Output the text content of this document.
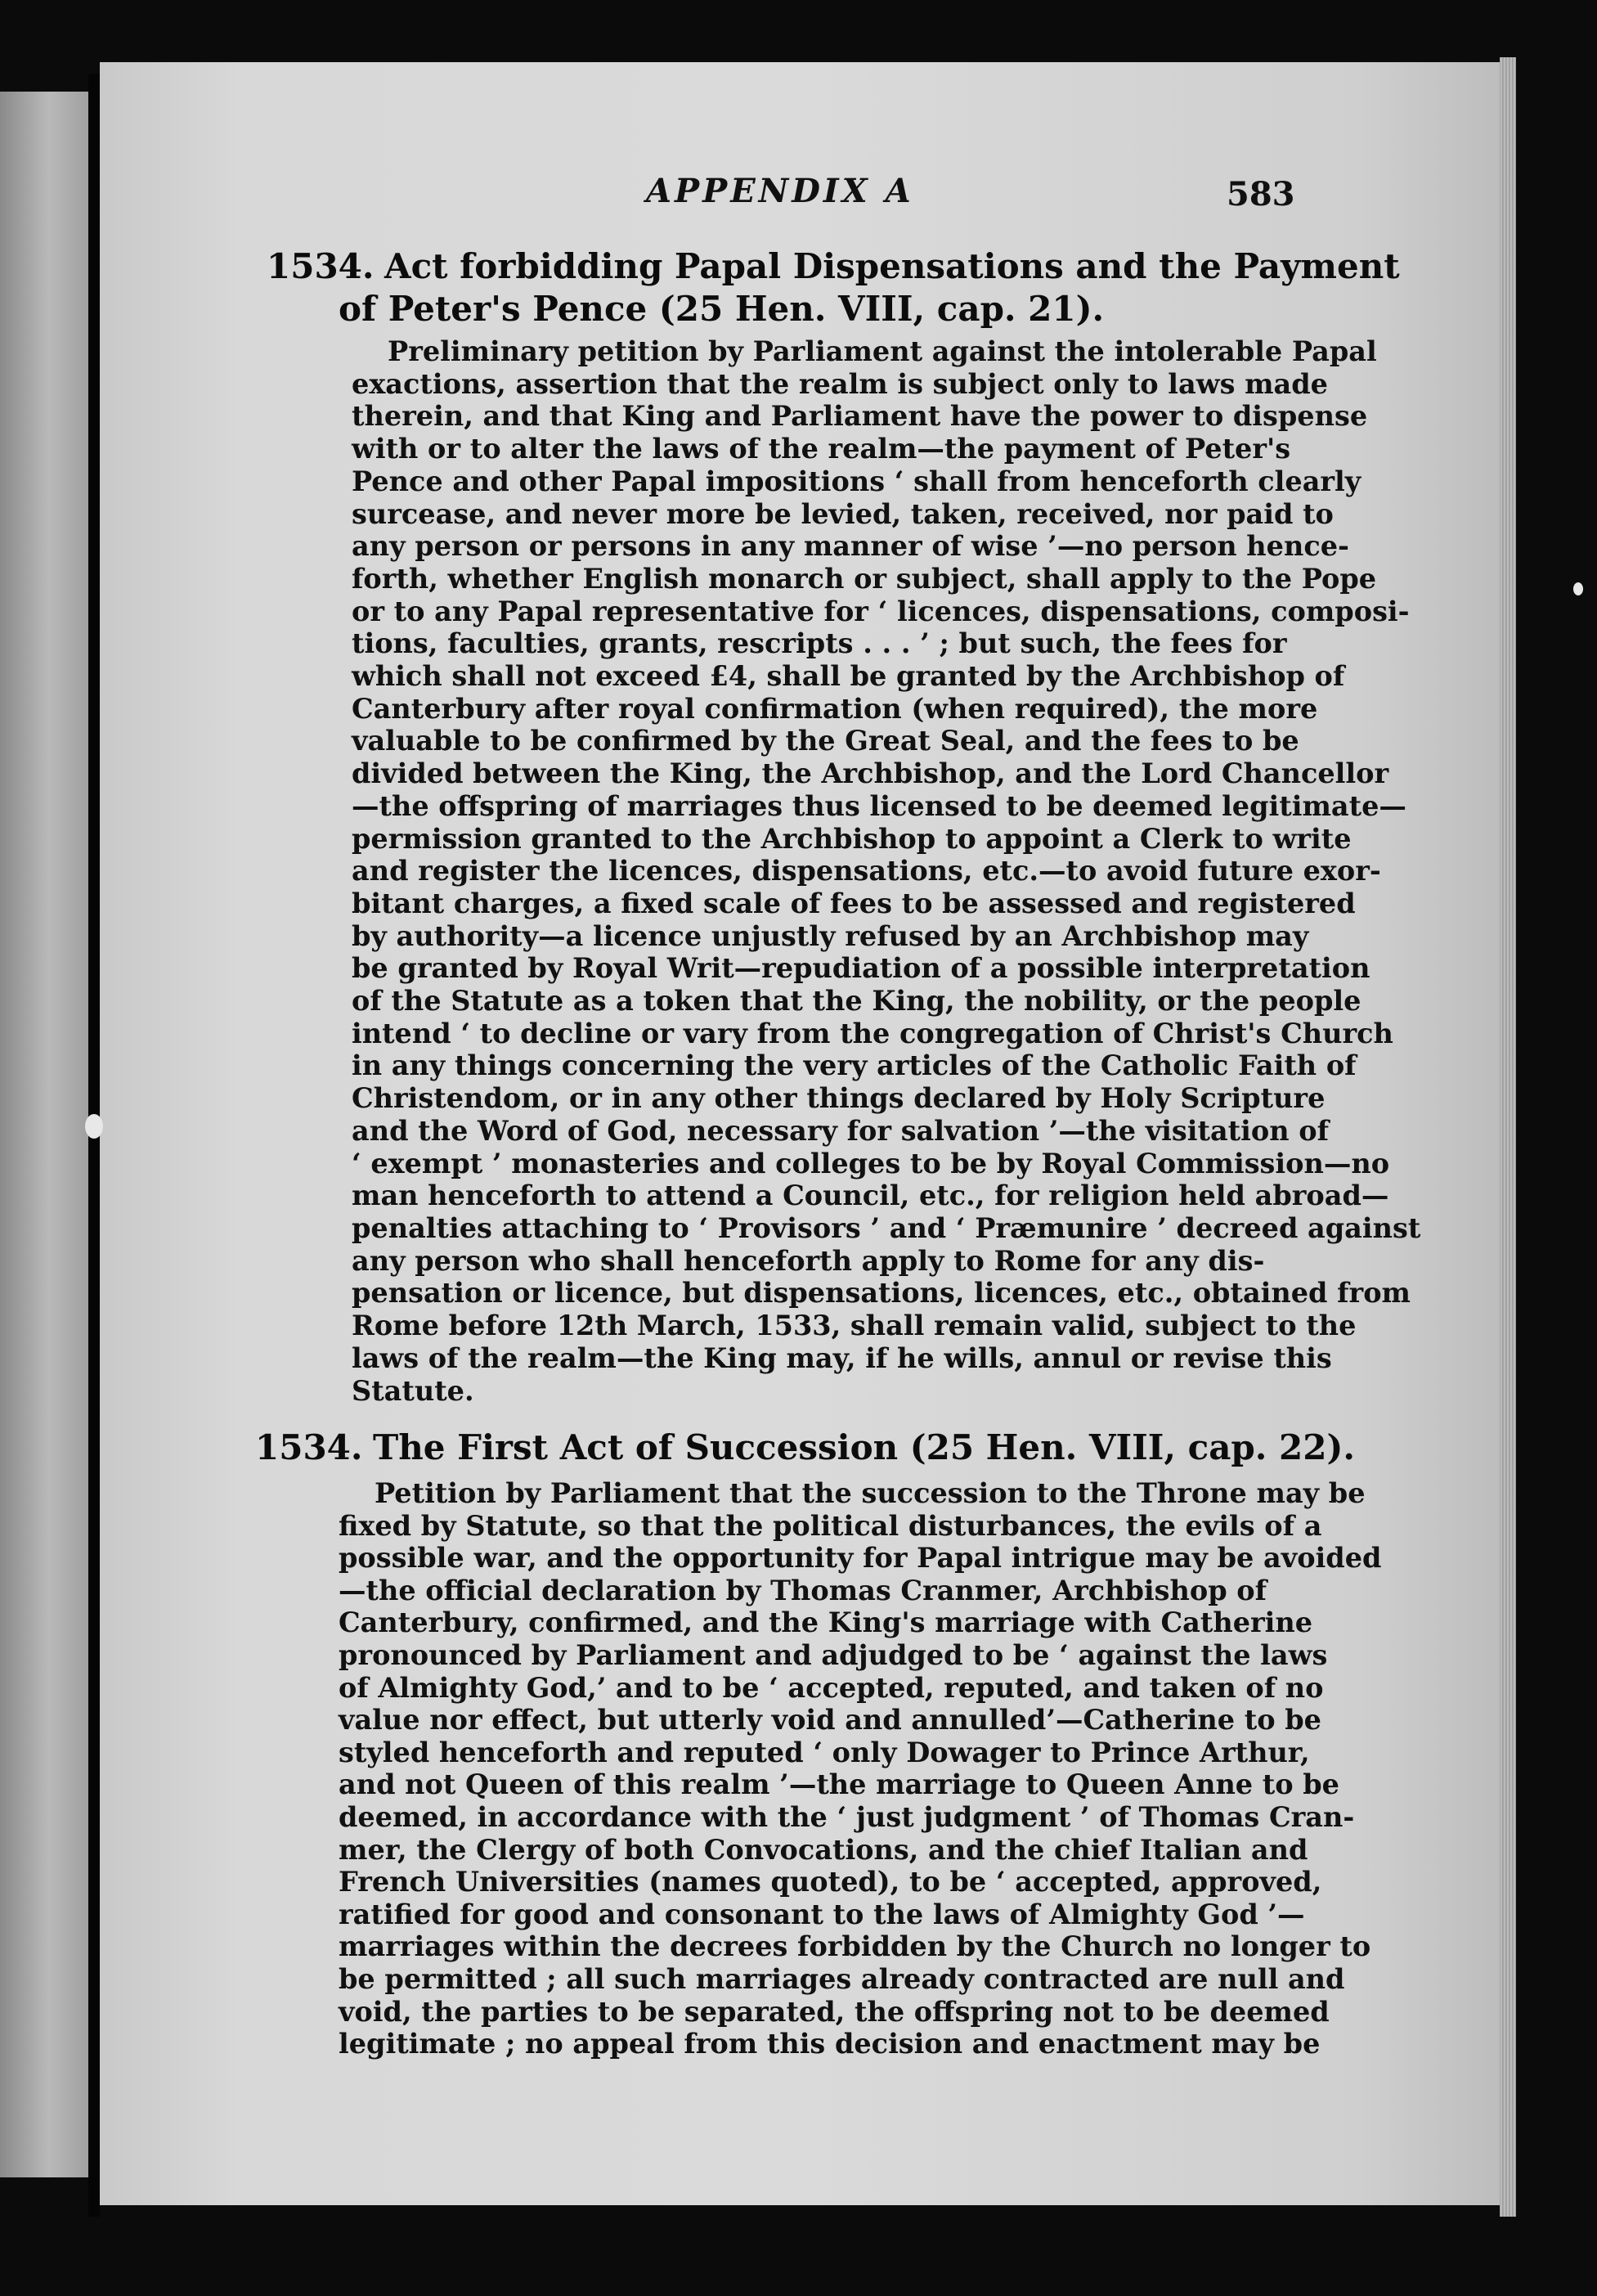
APPENDIX A	583
1534. Act forbidding Papal Dispensations and the Payment
of Peter's Pence (25 Hen. VIII, cap. 21).
Preliminary petition by Parliament against the intolerable Papal
exactions, assertion that the realm is subject only to laws made
therein, and that King and Parliament have the power to dispense
with or to alter the laws of the realm—the payment of Peter's
Pence and other Papal impositions ‘ shall from henceforth clearly
surcease, and never more be levied, taken, received, nor paid to
any person or persons in any manner of wise ’—no person hence-
forth, whether English monarch or subject, shall apply to the Pope
or to any Papal representative for ‘ licences, dispensations, composi-
tions, faculties, grants, rescripts . . . ’ ; but such, the fees for
which shall not exceed £4, shall be granted by the Archbishop of
Canterbury after royal confirmation (when required), the more
valuable to be confirmed by the Great Seal, and the fees to be
divided between the King, the Archbishop, and the Lord Chancellor
—the offspring of marriages thus licensed to be deemed legitimate—
permission granted to the Archbishop to appoint a Clerk to write
and register the licences, dispensations, etc.—to avoid future exor-
bitant charges, a fixed scale of fees to be assessed and registered
by authority—a licence unjustly refused by an Archbishop may
be granted by Royal Writ—repudiation of a possible interpretation
of the Statute as a token that the King, the nobility, or the people
intend ‘ to decline or vary from the congregation of Christ's Church
in any things concerning the very articles of the Catholic Faith of
Christendom, or in any other things declared by Holy Scripture
and the Word of God, necessary for salvation ’—the visitation of
‘ exempt ’ monasteries and colleges to be by Royal Commission—no
man henceforth to attend a Council, etc., for religion held abroad—
penalties attaching to ‘ Provisors ’ and ‘ Præmunire ’ decreed against
any person who shall henceforth apply to Rome for any dis-
pensation or licence, but dispensations, licences, etc., obtained from
Rome before 12th March, 1533, shall remain valid, subject to the
laws of the realm—the King may, if he wills, annul or revise this
Statute.
1534. The First Act of Succession (25 Hen. VIII, cap. 22).
Petition by Parliament that the succession to the Throne may be
fixed by Statute, so that the political disturbances, the evils of a
possible war, and the opportunity for Papal intrigue may be avoided
—the official declaration by Thomas Cranmer, Archbishop of
Canterbury, confirmed, and the King's marriage with Catherine
pronounced by Parliament and adjudged to be ‘ against the laws
of Almighty God,’ and to be ‘ accepted, reputed, and taken of no
value nor effect, but utterly void and annulled’—Catherine to be
styled henceforth and reputed ‘ only Dowager to Prince Arthur,
and not Queen of this realm ’—the marriage to Queen Anne to be
deemed, in accordance with the ‘ just judgment ’ of Thomas Cran-
mer, the Clergy of both Convocations, and the chief Italian and
French Universities (names quoted), to be ‘ accepted, approved,
ratified for good and consonant to the laws of Almighty God ’—
marriages within the decrees forbidden by the Church no longer to
be permitted ; all such marriages already contracted are null and
void, the parties to be separated, the offspring not to be deemed
legitimate ; no appeal from this decision and enactment may be
